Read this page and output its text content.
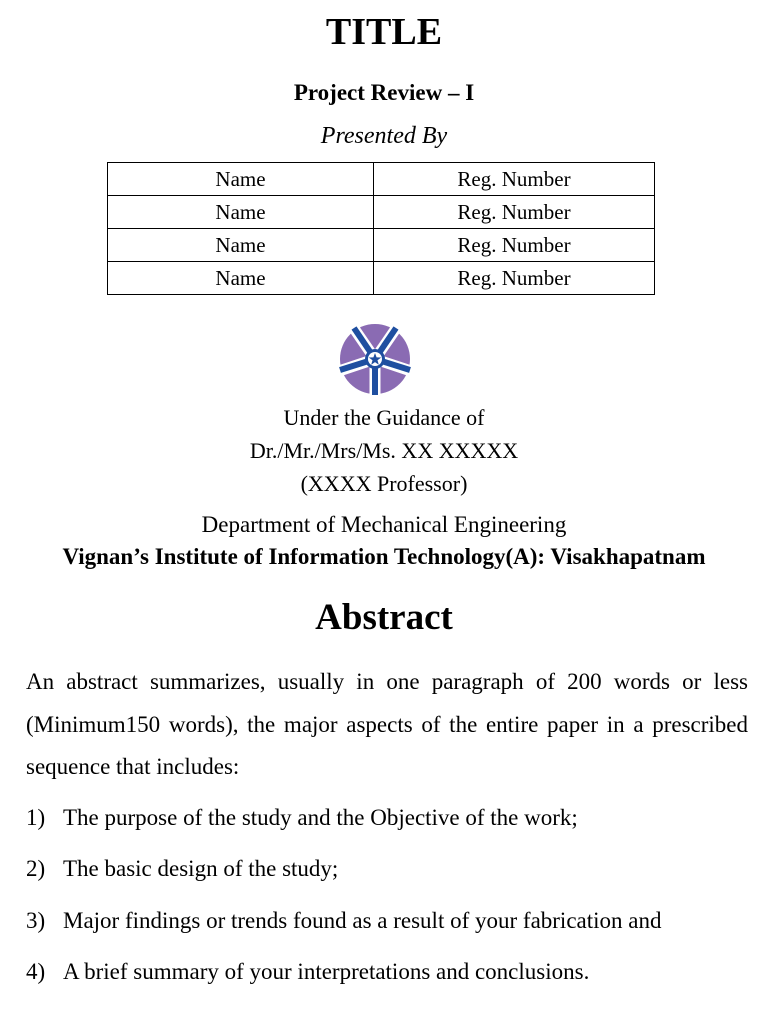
TITLE
Project Review – I
Presented By
Name	Reg. Number
Name	Reg. Number
Name	Reg. Number
Name	Reg. Number
Under the Guidance of
Dr./Mr./Mrs/Ms. XX XXXXX
(XXXX Professor)
Department of Mechanical Engineering
Vignan’s Institute of Information Technology(A): Visakhapatnam
Abstract
An abstract summarizes, usually in one paragraph of 200 words or less (Minimum150 words), the major aspects of the entire paper in a prescribed sequence that includes:
1) The purpose of the study and the Objective of the work;
2) The basic design of the study;
3) Major findings or trends found as a result of your fabrication and
4) A brief summary of your interpretations and conclusions.
